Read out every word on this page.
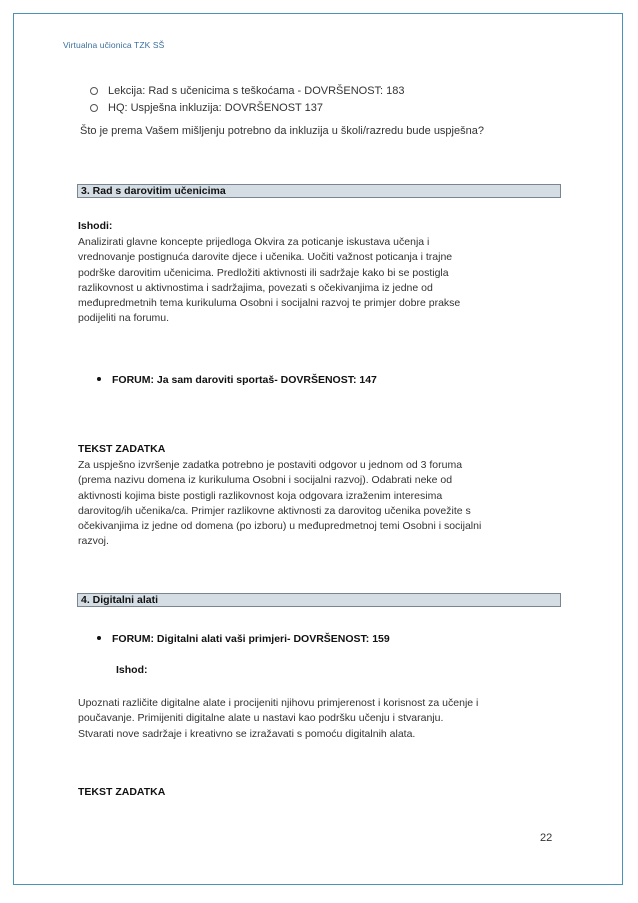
Virtualna učionica TZK SŠ
Lekcija: Rad s učenicima s teškoćama - DOVRŠENOST: 183
HQ: Uspješna inkluzija: DOVRŠENOST 137
Što je prema Vašem mišljenju potrebno da inkluzija u školi/razredu bude uspješna?
3. Rad s darovitim učenicima
Ishodi:
Analizirati glavne koncepte prijedloga Okvira za poticanje iskustava učenja i
vrednovanje postignuća darovite djece i učenika. Uočiti važnost poticanja i trajne
podrške darovitim učenicima. Predložiti aktivnosti ili sadržaje kako bi se postigla
razlikovnost u aktivnostima i sadržajima, povezati s očekivanjima iz jedne od
međupredmetnih tema kurikuluma Osobni i socijalni razvoj te primjer dobre prakse
podijeliti na forumu.
FORUM: Ja sam daroviti sportaš- DOVRŠENOST: 147
TEKST ZADATKA
Za uspješno izvršenje zadatka potrebno je postaviti odgovor u jednom od 3 foruma
(prema nazivu domena iz kurikuluma Osobni i socijalni razvoj). Odabrati neke od
aktivnosti kojima biste postigli razlikovnost koja odgovara izraženim interesima
darovitog/ih učenika/ca. Primjer razlikovne aktivnosti za darovitog učenika povežite s
očekivanjima iz jedne od domena (po izboru) u međupredmetnoj temi Osobni i socijalni
razvoj.
4. Digitalni alati
FORUM: Digitalni alati vaši primjeri- DOVRŠENOST: 159
Ishod:
Upoznati različite digitalne alate i procijeniti njihovu primjerenost i korisnost za učenje i
poučavanje. Primijeniti digitalne alate u nastavi kao podršku učenju i stvaranju.
Stvarati nove sadržaje i kreativno se izražavati s pomoću digitalnih alata.
TEKST ZADATKA
22
